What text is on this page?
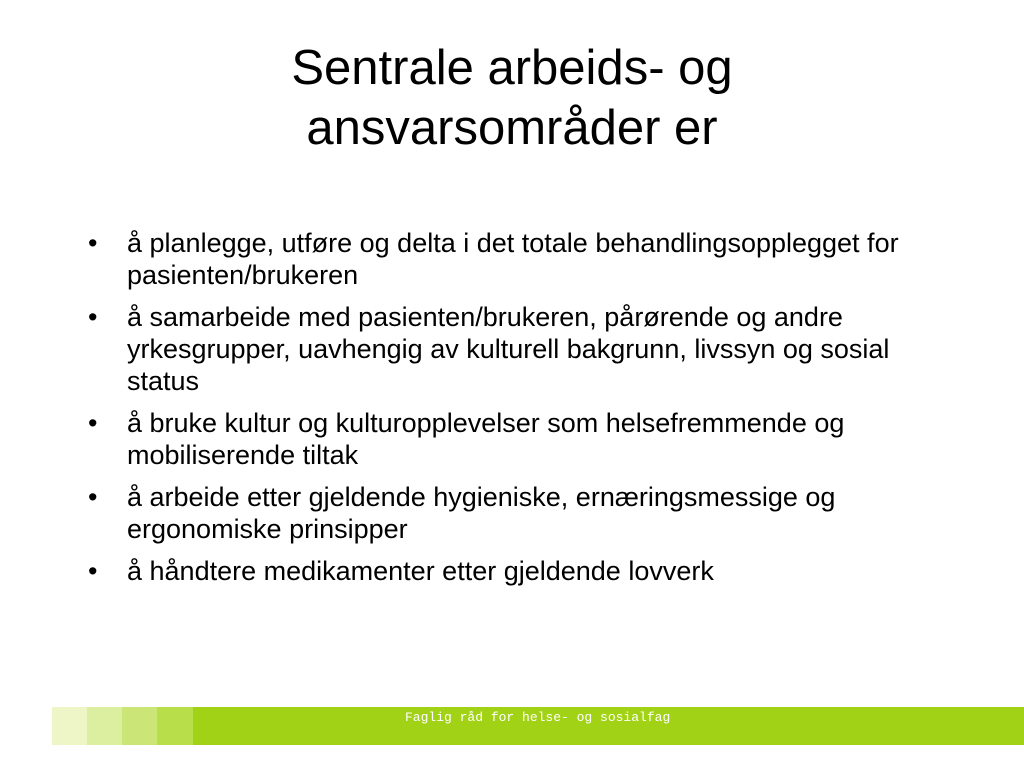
Sentrale arbeids- og
ansvarsområder er
• å planlegge, utføre og delta i det totale behandlingsopplegget for pasienten/brukeren
• å samarbeide med pasienten/brukeren, pårørende og andre yrkesgrupper, uavhengig av kulturell bakgrunn, livssyn og sosial status
• å bruke kultur og kulturopplevelser som helsefremmende og mobiliserende tiltak
• å arbeide etter gjeldende hygieniske, ernæringsmessige og ergonomiske prinsipper
• å håndtere medikamenter etter gjeldende lovverk
Faglig råd for helse- og sosialfag
